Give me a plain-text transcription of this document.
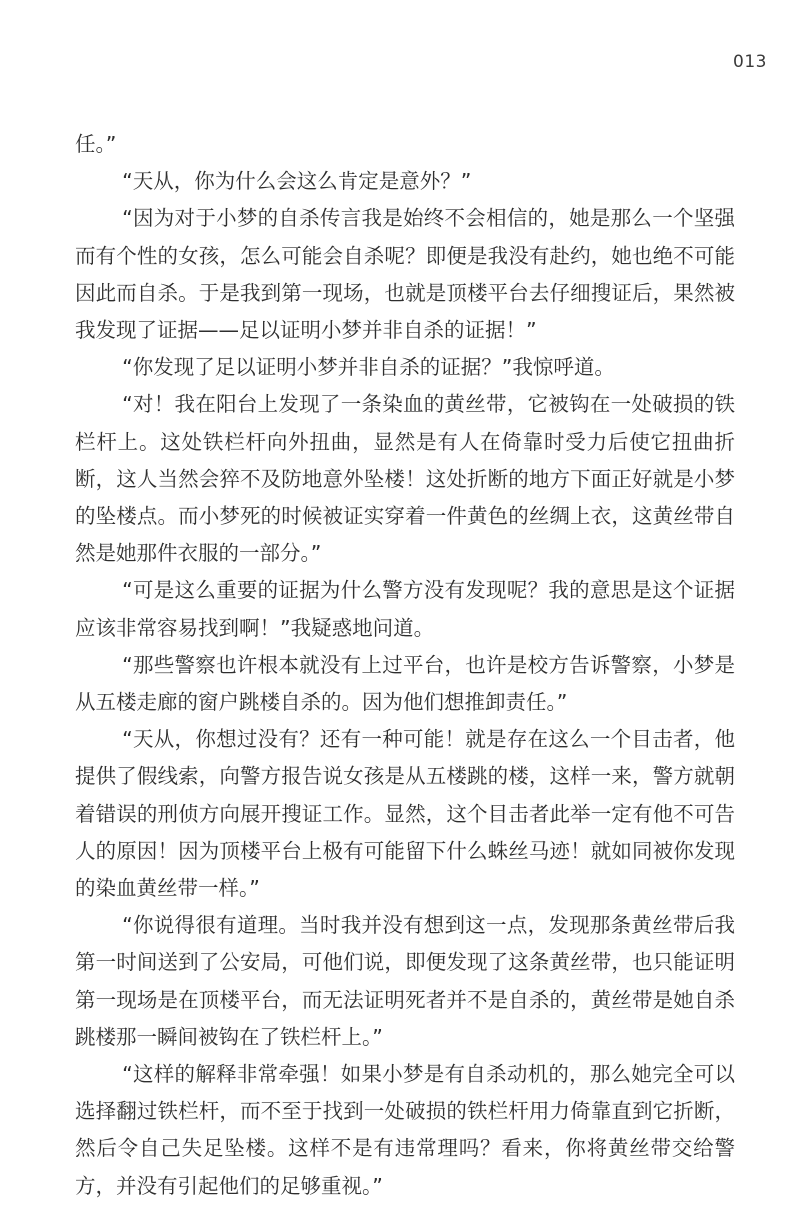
013

任。”

“天从，你为什么会这么肯定是意外？”

“因为对于小梦的自杀传言我是始终不会相信的，她是那么一个坚强而有个性的女孩，怎么可能会自杀呢？即便是我没有赴约，她也绝不可能因此而自杀。于是我到第一现场，也就是顶楼平台去仔细搜证后，果然被我发现了证据——足以证明小梦并非自杀的证据！”

“你发现了足以证明小梦并非自杀的证据？”我惊呼道。

“对！我在阳台上发现了一条染血的黄丝带，它被钩在一处破损的铁栏杆上。这处铁栏杆向外扭曲，显然是有人在倚靠时受力后使它扭曲折断，这人当然会猝不及防地意外坠楼！这处折断的地方下面正好就是小梦的坠楼点。而小梦死的时候被证实穿着一件黄色的丝绸上衣，这黄丝带自然是她那件衣服的一部分。”

“可是这么重要的证据为什么警方没有发现呢？我的意思是这个证据应该非常容易找到啊！”我疑惑地问道。

“那些警察也许根本就没有上过平台，也许是校方告诉警察，小梦是从五楼走廊的窗户跳楼自杀的。因为他们想推卸责任。”

“天从，你想过没有？还有一种可能！就是存在这么一个目击者，他提供了假线索，向警方报告说女孩是从五楼跳的楼，这样一来，警方就朝着错误的刑侦方向展开搜证工作。显然，这个目击者此举一定有他不可告人的原因！因为顶楼平台上极有可能留下什么蛛丝马迹！就如同被你发现的染血黄丝带一样。”

“你说得很有道理。当时我并没有想到这一点，发现那条黄丝带后我第一时间送到了公安局，可他们说，即便发现了这条黄丝带，也只能证明第一现场是在顶楼平台，而无法证明死者并不是自杀的，黄丝带是她自杀跳楼那一瞬间被钩在了铁栏杆上。”

“这样的解释非常牵强！如果小梦是有自杀动机的，那么她完全可以选择翻过铁栏杆，而不至于找到一处破损的铁栏杆用力倚靠直到它折断，然后令自己失足坠楼。这样不是有违常理吗？看来，你将黄丝带交给警方，并没有引起他们的足够重视。”
